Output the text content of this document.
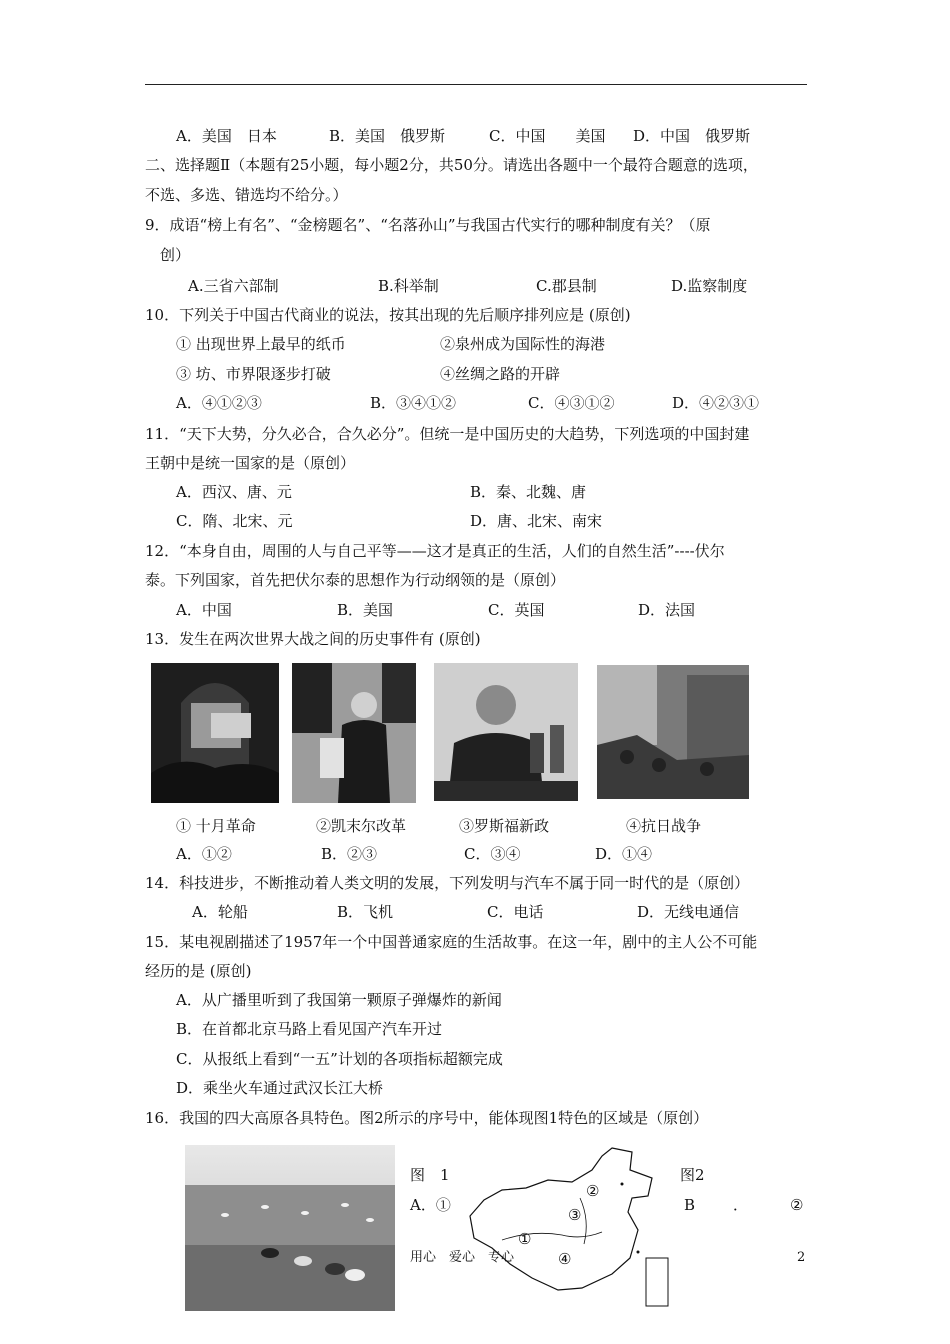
A．美国　日本	B．美国　俄罗斯	C．中国　　美国 D．中国　俄罗斯
二、选择题Ⅱ（本题有25小题，每小题2分，共50分。请选出各题中一个最符合题意的选项，
不选、多选、错选均不给分。）
9．成语“榜上有名”、“金榜题名”、“名落孙山”与我国古代实行的哪种制度有关？（原
创）
A.三省六部制	B.科举制	C.郡县制	D.监察制度
10．下列关于中国古代商业的说法，按其出现的先后顺序排列应是 (原创)
① 出现世界上最早的纸币	②泉州成为国际性的海港
③ 坊、市界限逐步打破	④丝绸之路的开辟
A．④①②③	B．③④①②	C．④③①②	D．④②③①
11．“天下大势，分久必合，合久必分”。但统一是中国历史的大趋势，下列选项的中国封建
王朝中是统一国家的是（原创）
A．西汉、唐、元	B．秦、北魏、唐
C．隋、北宋、元	D．唐、北宋、南宋
12．“本身自由，周围的人与自己平等——这才是真正的生活，人们的自然生活”----伏尔
泰。下列国家，首先把伏尔泰的思想作为行动纲领的是（原创）
A．中国	B．美国	C．英国	D．法国
13．发生在两次世界大战之间的历史事件有 (原创)
① 十月革命	②凯末尔改革	③罗斯福新政	④抗日战争
A．①②	B．②③	C．③④	D．①④
14．科技进步，不断推动着人类文明的发展，下列发明与汽车不属于同一时代的是（原创）
A．轮船	B．飞机	C．电话	D．无线电通信
15．某电视剧描述了1957年一个中国普通家庭的生活故事。在这一年，剧中的主人公不可能
经历的是 (原创)
A．从广播里听到了我国第一颗原子弹爆炸的新闻
B．在首都北京马路上看见国产汽车开过
C．从报纸上看到“一五”计划的各项指标超额完成
D．乘坐火车通过武汉长江大桥
16．我国的四大高原各具特色。图2所示的序号中，能体现图1特色的区域是（原创）
图　1	图2
A．①	B	．	②
②
③
①
④
用心　爱心　专心	2
